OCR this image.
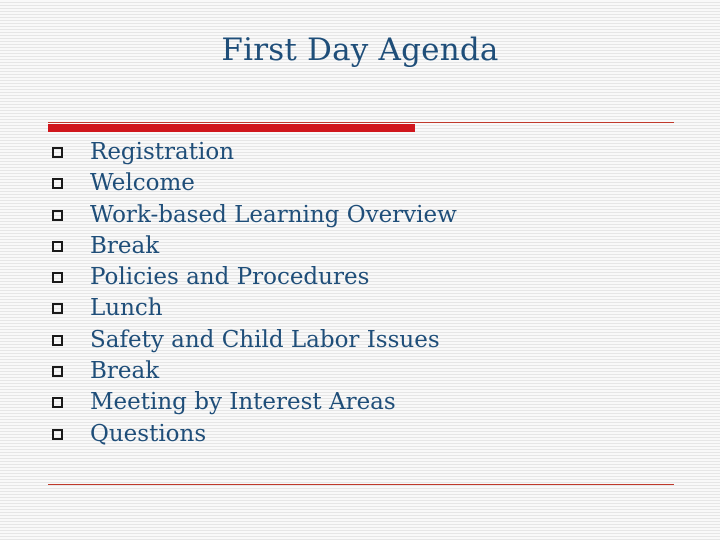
First Day Agenda
Registration
Welcome
Work-based Learning Overview
Break
Policies and Procedures
Lunch
Safety and Child Labor Issues
Break
Meeting by Interest Areas
Questions
